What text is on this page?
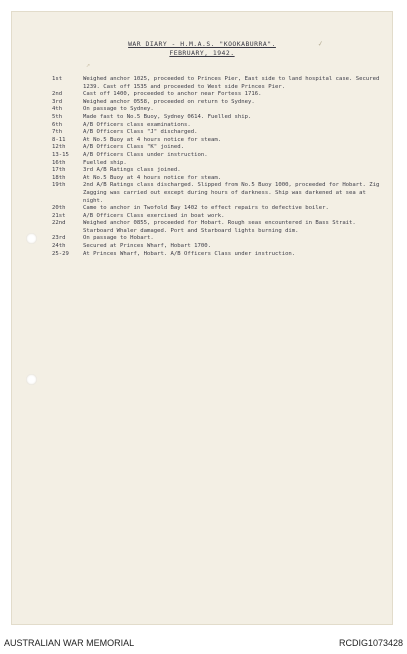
✓
↗
WAR DIARY - H.M.A.S. "KOOKABURRA".
FEBRUARY, 1942.
1st	Weighed anchor 1025, proceeded to Princes Pier, East side to land hospital case. Secured 1239. Cast off 1535 and proceeded to West side Princes Pier.
2nd	Cast off 1400, proceeded to anchor near Fortess 1716.
3rd	Weighed anchor 0558, proceeded on return to Sydney.
4th	On passage to Sydney.
5th	Made fast to No.5 Buoy, Sydney 0614. Fuelled ship.
6th	A/B Officers class examinations.
7th	A/B Officers Class "J" discharged.
8-11	At No.5 Buoy at 4 hours notice for steam.
12th	A/B Officers Class "K" joined.
13-15	A/B Officers Class under instruction.
16th	Fuelled ship.
17th	3rd A/B Ratings class joined.
18th	At No.5 Buoy at 4 hours notice for steam.
19th	2nd A/B Ratings class discharged. Slipped from No.5 Buoy 1000, proceeded for Hobart. Zig Zagging was carried out except during hours of darkness. Ship was darkened at sea at night.
20th	Came to anchor in Twofold Bay 1402 to effect repairs to defective boiler.
21st	A/B Officers Class exercised in boat work.
22nd	Weighed anchor 0855, proceeded for Hobart. Rough seas encountered in Bass Strait. Starboard Whaler damaged. Port and Starboard lights burning dim.
23rd	On passage to Hobart.
24th	Secured at Princes Wharf, Hobart 1700.
25-29	At Princes Wharf, Hobart. A/B Officers Class under instruction.
AUSTRALIAN WAR MEMORIAL	RCDIG1073428
